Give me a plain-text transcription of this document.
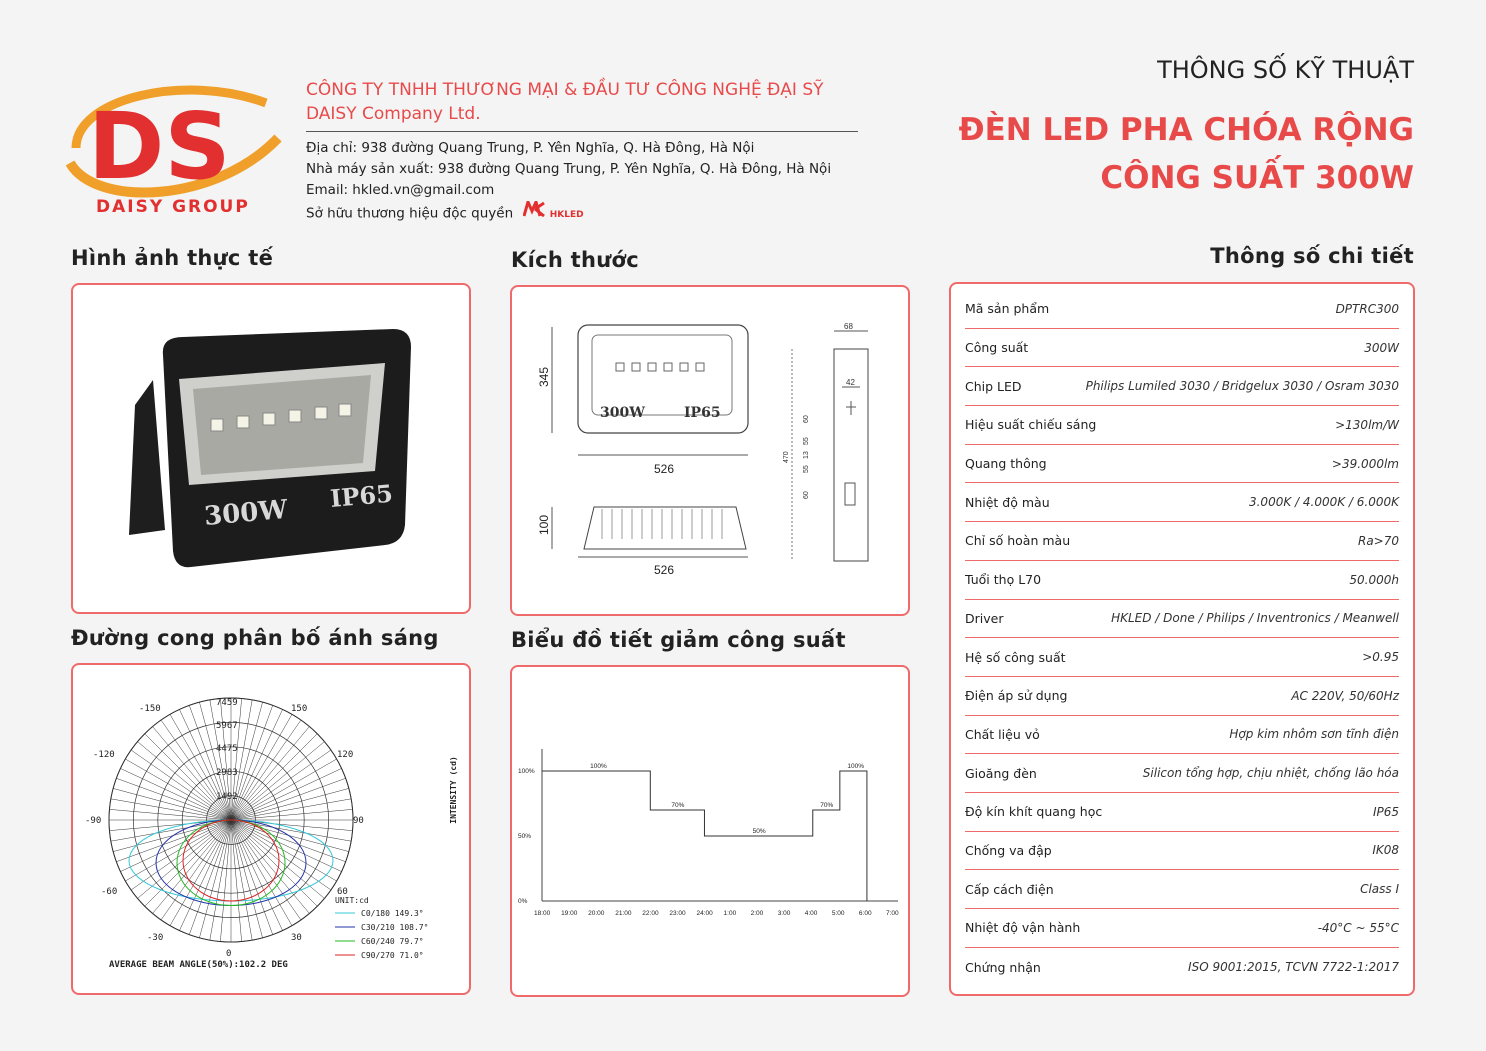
DS
DAISY GROUP
CÔNG TY TNHH THƯƠNG MẠI & ĐẦU TƯ CÔNG NGHỆ ĐẠI SỸ
DAISY Company Ltd.
Địa chỉ: 938 đường Quang Trung, P. Yên Nghĩa, Q. Hà Đông, Hà Nội
Nhà máy sản xuất: 938 đường Quang Trung, P. Yên Nghĩa, Q. Hà Đông, Hà Nội
Email: hkled.vn@gmail.com
Sở hữu thương hiệu độc quyền	HKLED
THÔNG SỐ KỸ THUẬT
ĐÈN LED PHA CHÓA RỘNG
CÔNG SUẤT 300W
Hình ảnh thực tế	Kích thước	Thông số chi tiết
Đường cong phân bố ánh sáng	Biểu đồ tiết giảm công suất
300W IP65
300W	IP65
345
526
100
526
68
42
470
60
55
13
55
60
Mã sản phẩm	DPTRC300
Công suất	300W
Chip LED	Philips Lumiled 3030 / Bridgelux 3030 / Osram 3030
Hiệu suất chiếu sáng	>130lm/W
Quang thông	>39.000lm
Nhiệt độ màu	3.000K / 4.000K / 6.000K
Chỉ số hoàn màu	Ra>70
Tuổi thọ L70	50.000h
Driver	HKLED / Done / Philips / Inventronics / Meanwell
Hệ số công suất	>0.95
Điện áp sử dụng	AC 220V, 50/60Hz
Chất liệu vỏ	Hợp kim nhôm sơn tĩnh điện
Gioăng đèn	Silicon tổng hợp, chịu nhiệt, chống lão hóa
Độ kín khít quang học	IP65
Chống va đập	IK08
Cấp cách điện	Class I
Nhiệt độ vận hành	-40°C ~ 55°C
Chứng nhận	ISO 9001:2015, TCVN 7722-1:2017
-150	150
-120	120
-90	90
-60	60
-30	30
0
7459
5967
4475
2983
1492
UNIT:cd
AVERAGE BEAM ANGLE(50%):102.2 DEG
INTENSITY (cd)
C0/180 149.3°
C30/210 108.7°
C60/240 79.7°
C90/270 71.0°
100%
50%
0%
18:00 19:00 20:00 21:00 22:00 23:00 24:00 1:00 2:00 3:00 4:00 5:00 6:00 7:00
100%
70%
50%
70%
100%
